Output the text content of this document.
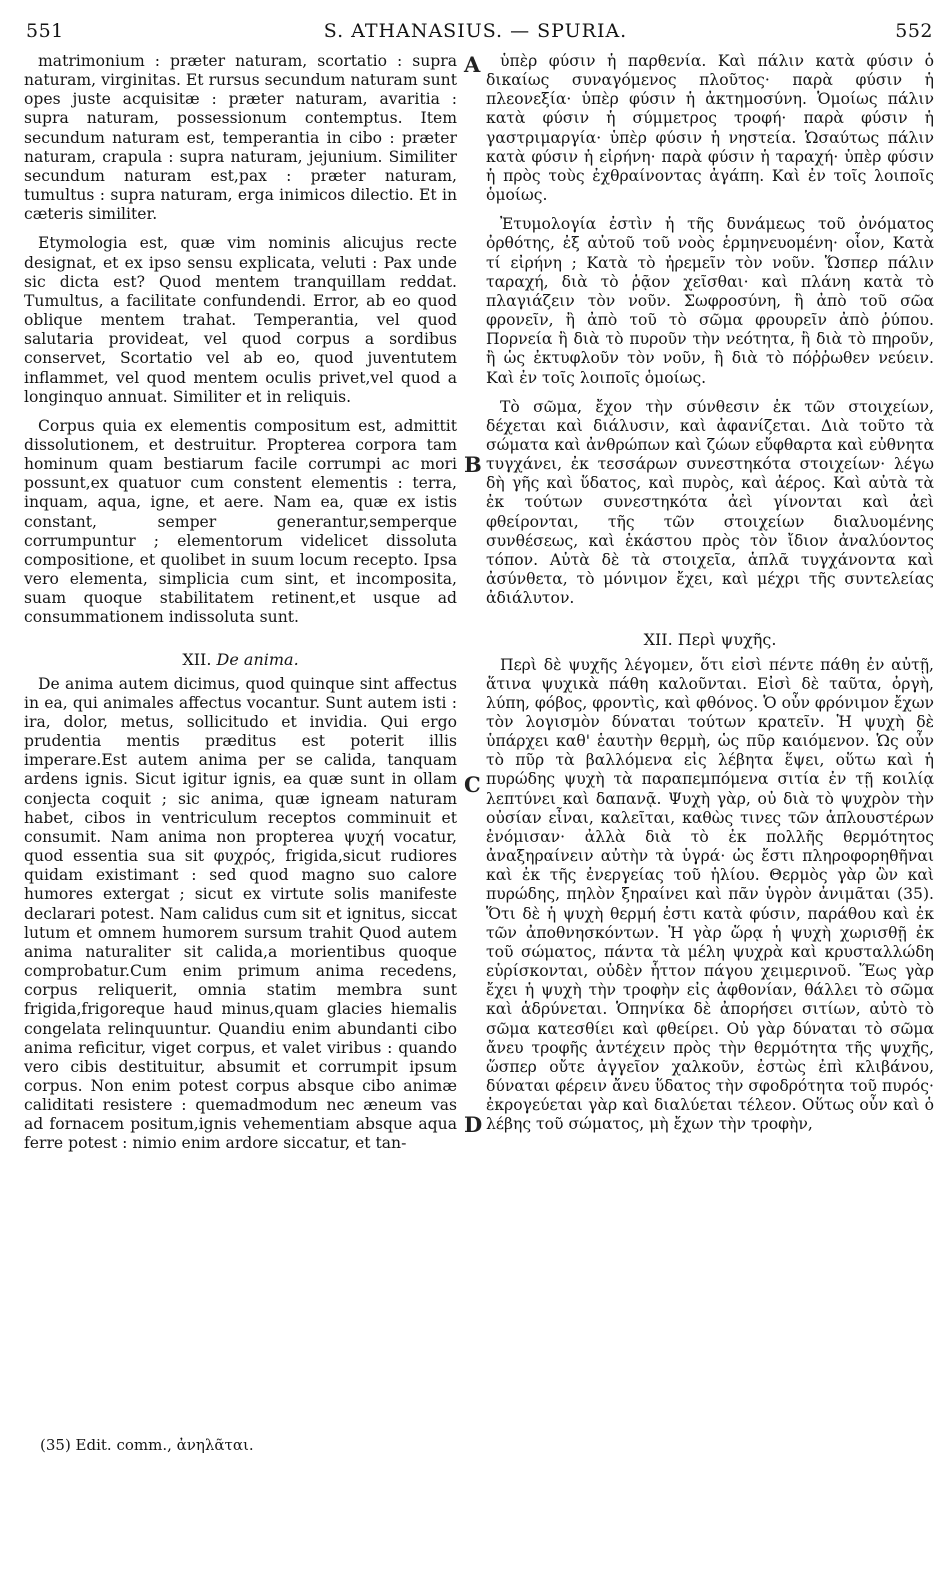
551	S. ATHANASIUS. — SPURIA.	552

matrimonium : præter naturam, scortatio : supra naturam, virginitas. Et rursus secundum naturam sunt opes juste acquisitæ : præter naturam, avaritia : supra naturam, possessionum contemptus. Item secundum naturam est, temperantia in cibo : præter naturam, crapula : supra naturam, jejunium. Similiter secundum naturam est,pax : præter naturam, tumultus : supra naturam, erga inimicos dilectio. Et in cæteris similiter.

Etymologia est, quæ vim nominis alicujus recte designat, et ex ipso sensu explicata, veluti : Pax unde sic dicta est? Quod mentem tranquillam reddat. Tumultus, a facilitate confundendi. Error, ab eo quod oblique mentem trahat. Temperantia, vel quod salutaria provideat, vel quod corpus a sordibus conservet, Scortatio vel ab eo, quod juventutem inflammet, vel quod mentem oculis privet,vel quod a longinquo annuat. Similiter et in reliquis.

Corpus quia ex elementis compositum est, admittit dissolutionem, et destruitur. Propterea corpora tam hominum quam bestiarum facile corrumpi ac mori possunt,ex quatuor cum constent elementis : terra, inquam, aqua, igne, et aere. Nam ea, quæ ex istis constant, semper generantur,semperque corrumpuntur ; elementorum videlicet dissoluta compositione, et quolibet in suum locum recepto. Ipsa vero elementa, simplicia cum sint, et incomposita, suam quoque stabilitatem retinent,et usque ad consummationem indissoluta sunt.

XII. De anima.

De anima autem dicimus, quod quinque sint affectus in ea, qui animales affectus vocantur. Sunt autem isti : ira, dolor, metus, sollicitudo et invidia. Qui ergo prudentia mentis præditus est poterit illis imperare.Est autem anima per se calida, tanquam ardens ignis. Sicut igitur ignis, ea quæ sunt in ollam conjecta coquit ; sic anima, quæ igneam naturam habet, cibos in ventriculum receptos comminuit et consumit. Nam anima non propterea ψυχή vocatur, quod essentia sua sit φυχρός, frigida,sicut rudiores quidam existimant : sed quod magno suo calore humores extergat ; sicut ex virtute solis manifeste declarari potest. Nam calidus cum sit et ignitus, siccat lutum et omnem humorem sursum trahit Quod autem anima naturaliter sit calida,a morientibus quoque comprobatur.Cum enim primum anima recedens, corpus reliquerit, omnia statim membra sunt frigida,frigoreque haud minus,quam glacies hiemalis congelata relinquuntur. Quandiu enim abundanti cibo anima reficitur, viget corpus, et valet viribus : quando vero cibis destituitur, absumit et corrumpit ipsum corpus. Non enim potest corpus absque cibo animæ caliditati resistere : quemadmodum nec æneum vas ad fornacem positum,ignis vehementiam absque aqua ferre potest : nimio enim ardore siccatur, et tan-

ὑπὲρ φύσιν ἡ παρθενία. Καὶ πάλιν κατὰ φύσιν ὁ δικαίως συναγόμενος πλοῦτος· παρὰ φύσιν ἡ πλεονεξία· ὑπὲρ φύσιν ἡ ἀκτημοσύνη. Ὁμοίως πάλιν κατὰ φύσιν ἡ σύμμετρος τροφή· παρὰ φύσιν ἡ γαστριμαργία· ὑπὲρ φύσιν ἡ νηστεία. Ὡσαύτως πάλιν κατὰ φύσιν ἡ εἰρήνη· παρὰ φύσιν ἡ ταραχή· ὑπὲρ φύσιν ἡ πρὸς τοὺς ἐχθραίνοντας ἀγάπη. Καὶ ἐν τοῖς λοιποῖς ὁμοίως.

Ἐτυμολογία ἐστὶν ἡ τῆς δυνάμεως τοῦ ὀνόματος ὀρθότης, ἐξ αὐτοῦ τοῦ νοὸς ἑρμηνευομένη· οἷον, Κατὰ τί εἰρήνη ; Κατὰ τὸ ἠρεμεῖν τὸν νοῦν. Ὥσπερ πάλιν ταραχή, διὰ τὸ ῥᾷον χεῖσθαι· καὶ πλάνη κατὰ τὸ πλαγιάζειν τὸν νοῦν. Σωφροσύνη, ἢ ἀπὸ τοῦ σῶα φρονεῖν, ἢ ἀπὸ τοῦ τὸ σῶμα φρουρεῖν ἀπὸ ῥύπου. Πορνεία ἢ διὰ τὸ πυροῦν τὴν νεότητα, ἢ διὰ τὸ πηροῦν, ἢ ὡς ἐκτυφλοῦν τὸν νοῦν, ἢ διὰ τὸ πόῤῥωθεν νεύειν. Καὶ ἐν τοῖς λοιποῖς ὁμοίως.

Τὸ σῶμα, ἔχον τὴν σύνθεσιν ἐκ τῶν στοιχείων, δέχεται καὶ διάλυσιν, καὶ ἀφανίζεται. Διὰ τοῦτο τὰ σώματα καὶ ἀνθρώπων καὶ ζώων εὔφθαρτα καὶ εὐθνητα τυγχάνει, ἐκ τεσσάρων συνεστηκότα στοιχείων· λέγω δὴ γῆς καὶ ὕδατος, καὶ πυρὸς, καὶ ἀέρος. Καὶ αὐτὰ τὰ ἐκ τούτων συνεστηκότα ἀεὶ γίνονται καὶ ἀεὶ φθείρονται, τῆς τῶν στοιχείων διαλυομένης συνθέσεως, καὶ ἑκάστου πρὸς τὸν ἴδιον ἀναλύοντος τόπον. Αὐτὰ δὲ τὰ στοιχεῖα, ἁπλᾶ τυγχάνοντα καὶ ἀσύνθετα, τὸ μόνιμον ἔχει, καὶ μέχρι τῆς συντελείας ἀδιάλυτον.

XII. Περὶ ψυχῆς.

Περὶ δὲ ψυχῆς λέγομεν, ὅτι εἰσὶ πέντε πάθη ἐν αὐτῇ, ἅτινα ψυχικὰ πάθη καλοῦνται. Εἰσὶ δὲ ταῦτα, ὀργὴ, λύπη, φόβος, φροντὶς, καὶ φθόνος. Ὁ οὖν φρόνιμον ἔχων τὸν λογισμὸν δύναται τούτων κρατεῖν. Ἡ ψυχὴ δὲ ὑπάρχει καθ' ἑαυτὴν θερμὴ, ὡς πῦρ καιόμενον. Ὡς οὖν τὸ πῦρ τὰ βαλλόμενα εἰς λέβητα ἕψει, οὕτω καὶ ἡ πυρώδης ψυχὴ τὰ παραπεμπόμενα σιτία ἐν τῇ κοιλίᾳ λεπτύνει καὶ δαπανᾷ. Ψυχὴ γὰρ, οὐ διὰ τὸ ψυχρὸν τὴν οὐσίαν εἶναι, καλεῖται, καθὼς τινες τῶν ἁπλουστέρων ἐνόμισαν· ἀλλὰ διὰ τὸ ἐκ πολλῆς θερμότητος ἀναξηραίνειν αὐτὴν τὰ ὑγρά· ὡς ἔστι πληροφορηθῆναι καὶ ἐκ τῆς ἐνεργείας τοῦ ἡλίου. Θερμὸς γὰρ ὢν καὶ πυρώδης, πηλὸν ξηραίνει καὶ πᾶν ὑγρὸν ἀνιμᾶται (35). Ὅτι δὲ ἡ ψυχὴ θερμή ἐστι κατὰ φύσιν, παράθου καὶ ἐκ τῶν ἀποθνησκόντων. Ἡ γὰρ ὥρᾳ ἡ ψυχὴ χωρισθῇ ἐκ τοῦ σώματος, πάντα τὰ μέλη ψυχρὰ καὶ κρυσταλλώδη εὑρίσκονται, οὐδὲν ἧττον πάγου χειμερινοῦ. Ἕως γὰρ ἔχει ἡ ψυχὴ τὴν τροφὴν εἰς ἀφθονίαν, θάλλει τὸ σῶμα καὶ ἁδρύνεται. Ὁπηνίκα δὲ ἀπορήσει σιτίων, αὐτὸ τὸ σῶμα κατεσθίει καὶ φθείρει. Οὐ γὰρ δύναται τὸ σῶμα ἄνευ τροφῆς ἀντέχειν πρὸς τὴν θερμότητα τῆς ψυχῆς, ὥσπερ οὔτε ἀγγεῖον χαλκοῦν, ἐστὼς ἐπὶ κλιβάνου, δύναται φέρειν ἄνευ ὕδατος τὴν σφοδρότητα τοῦ πυρός· ἐκρογεύεται γὰρ καὶ διαλύεται τέλεον. Οὕτως οὖν καὶ ὁ λέβης τοῦ σώματος, μὴ ἔχων τὴν τροφὴν,

A
B
C
D
(35) Edit. comm., ἀνηλᾶται.
